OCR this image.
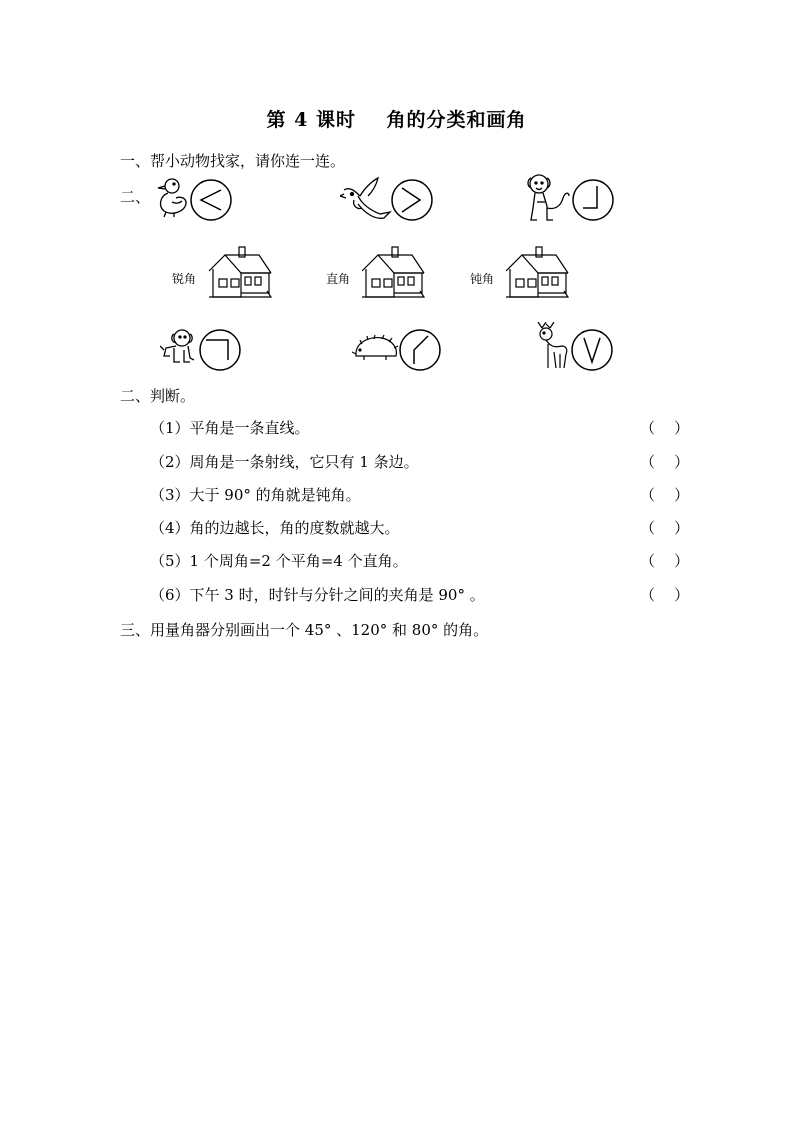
第 4 课时    角的分类和画角
一、帮小动物找家，请你连一连。
二、
锐角	直角	钝角
二、判断。
（1）平角是一条直线。	（    ）
（2）周角是一条射线，它只有 1 条边。	（    ）
（3）大于 90° 的角就是钝角。	（    ）
（4）角的边越长，角的度数就越大。	（    ）
（5）1 个周角=2 个平角=4 个直角。	（    ）
（6）下午 3 时，时针与分针之间的夹角是 90° 。	（    ）
三、用量角器分别画出一个 45° 、120° 和 80° 的角。
